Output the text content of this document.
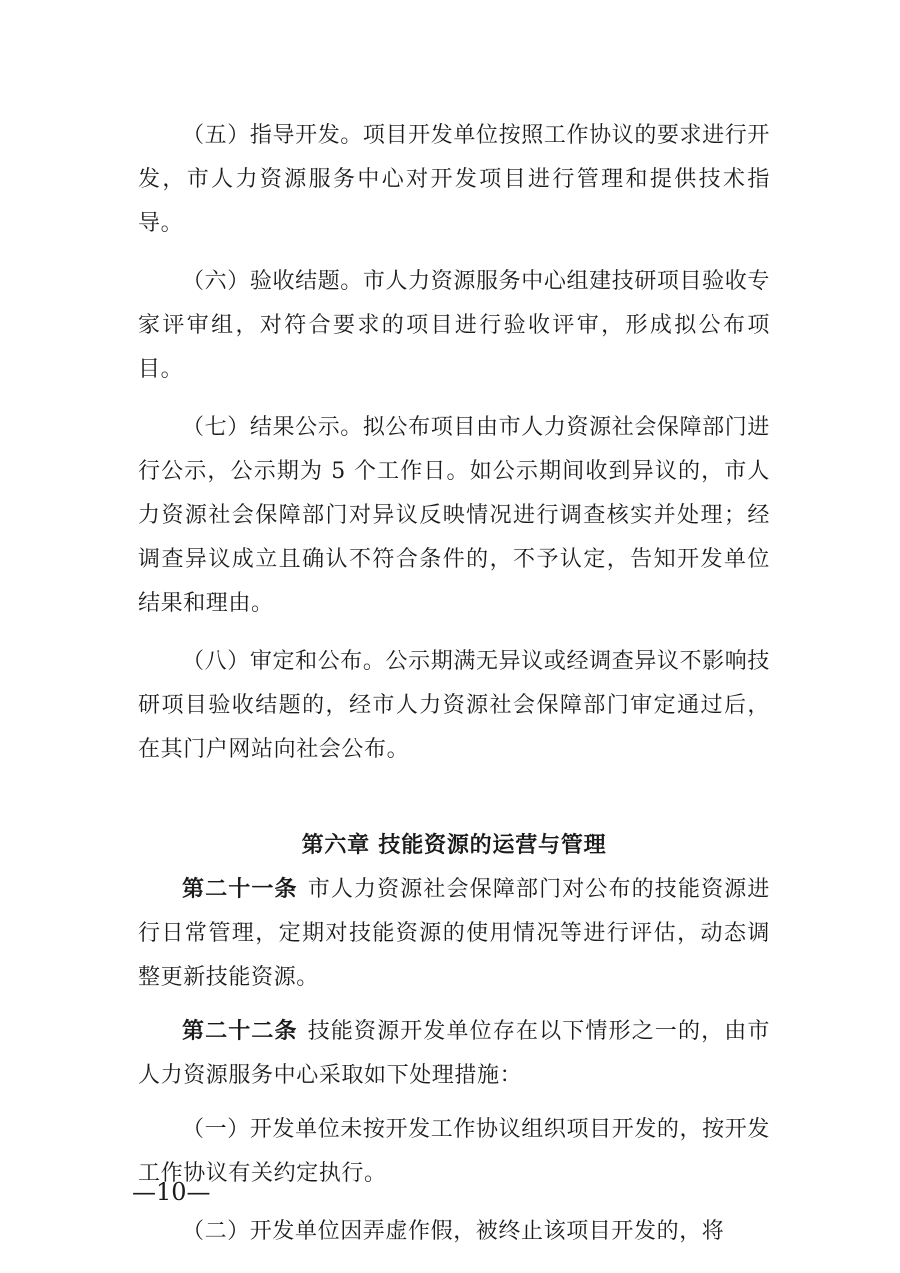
（五）指导开发。项目开发单位按照工作协议的要求进行开发，市人力资源服务中心对开发项目进行管理和提供技术指导。

（六）验收结题。市人力资源服务中心组建技研项目验收专家评审组，对符合要求的项目进行验收评审，形成拟公布项目。

（七）结果公示。拟公布项目由市人力资源社会保障部门进行公示，公示期为 5 个工作日。如公示期间收到异议的，市人力资源社会保障部门对异议反映情况进行调查核实并处理；经调查异议成立且确认不符合条件的，不予认定，告知开发单位结果和理由。

（八）审定和公布。公示期满无异议或经调查异议不影响技研项目验收结题的，经市人力资源社会保障部门审定通过后，在其门户网站向社会公布。

第六章 技能资源的运营与管理

第二十一条 市人力资源社会保障部门对公布的技能资源进行日常管理，定期对技能资源的使用情况等进行评估，动态调整更新技能资源。

第二十二条 技能资源开发单位存在以下情形之一的，由市人力资源服务中心采取如下处理措施：

（一）开发单位未按开发工作协议组织项目开发的，按开发工作协议有关约定执行。

（二）开发单位因弄虚作假，被终止该项目开发的，将

—10—
